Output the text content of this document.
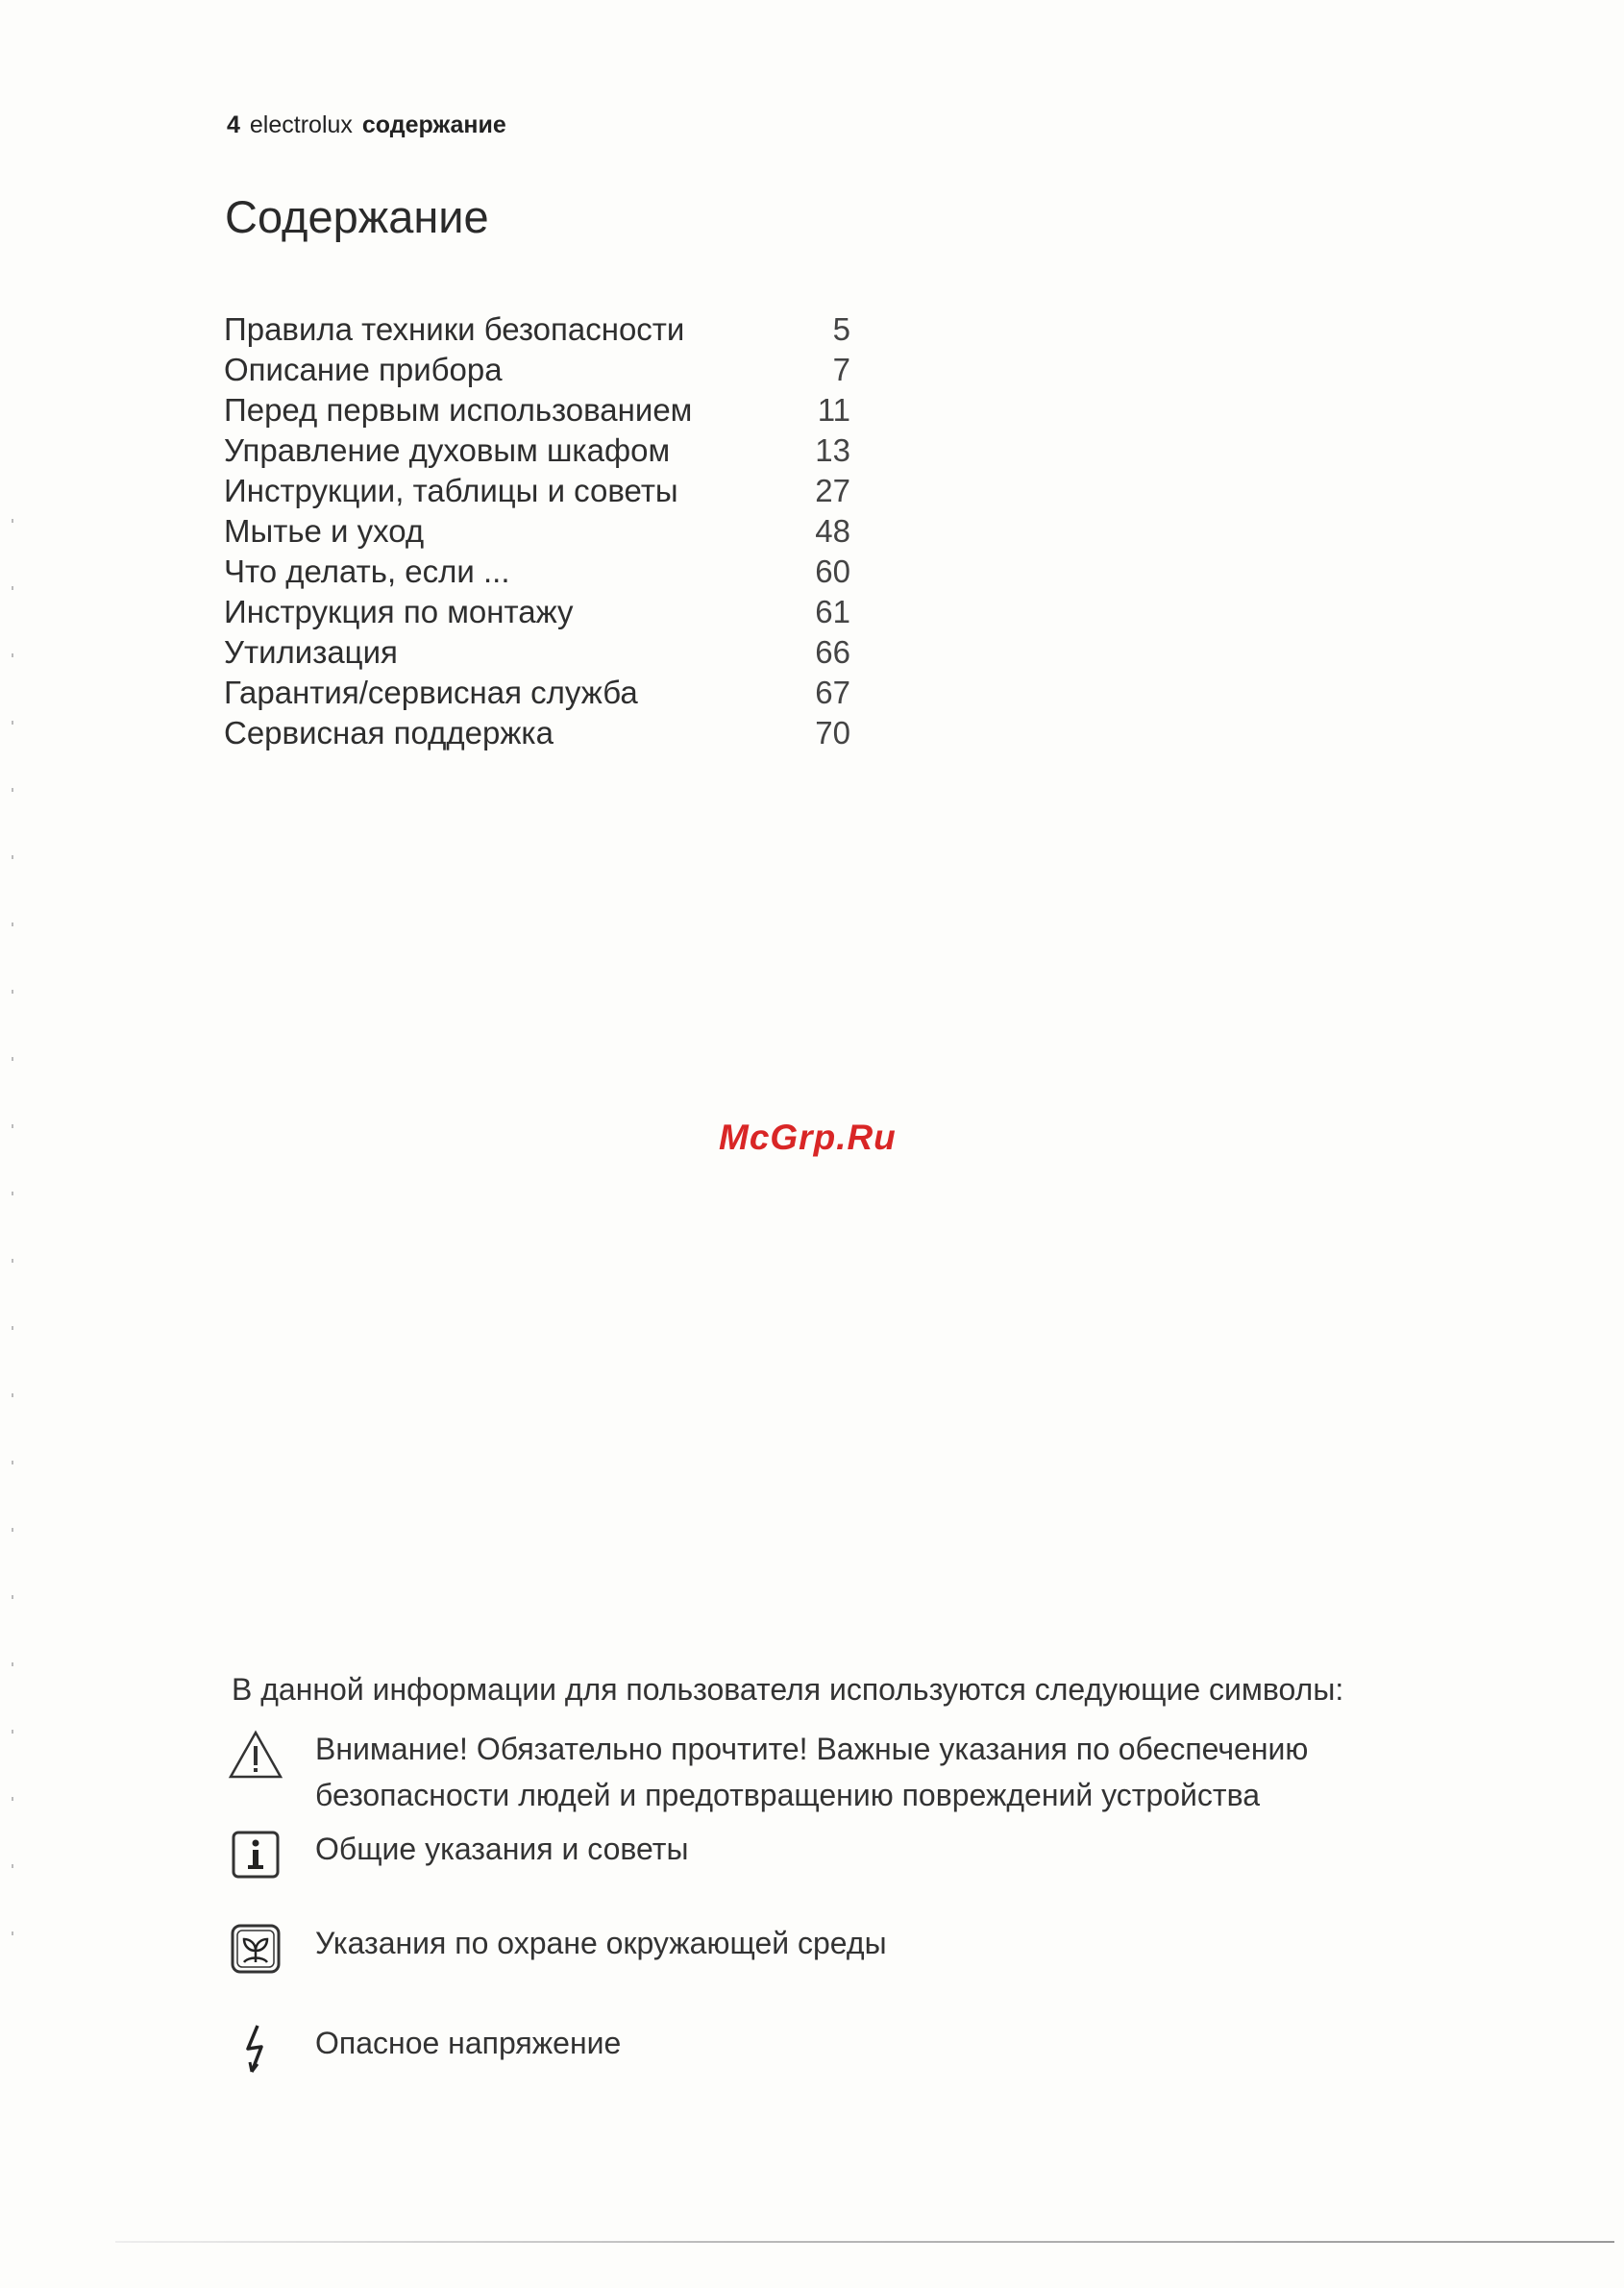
4 electrolux содержание
Содержание
Правила техники безопасности	5
Описание прибора	7
Перед первым использованием	11
Управление духовым шкафом	13
Инструкции, таблицы и советы	27
Мытье и уход	48
Что делать, если ...	60
Инструкция по монтажу	61
Утилизация	66
Гарантия/сервисная служба	67
Сервисная поддержка	70
McGrp.Ru
В данной информации для пользователя используются следующие символы:
Внимание! Обязательно прочтите! Важные указания по обеспечению
безопасности людей и предотвращению повреждений устройства
Общие указания и советы
Указания по охране окружающей среды
Опасное напряжение
